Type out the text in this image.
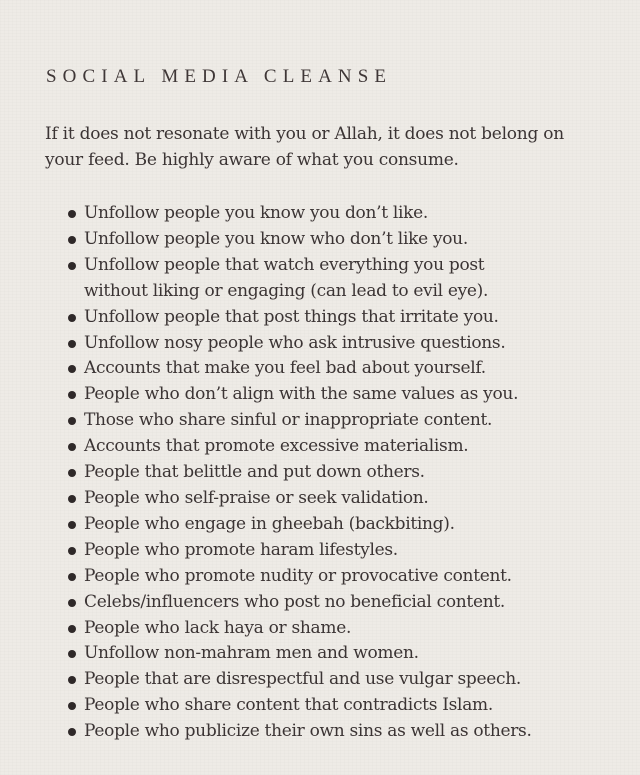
SOCIAL MEDIA CLEANSE

If it does not resonate with you or Allah, it does not belong on your feed. Be highly aware of what you consume.

Unfollow people you know you don’t like.
Unfollow people you know who don’t like you.
Unfollow people that watch everything you post
without liking or engaging (can lead to evil eye).
Unfollow people that post things that irritate you.
Unfollow nosy people who ask intrusive questions.
Accounts that make you feel bad about yourself.
People who don’t align with the same values as you.
Those who share sinful or inappropriate content.
Accounts that promote excessive materialism.
People that belittle and put down others.
People who self-praise or seek validation.
People who engage in gheebah (backbiting).
People who promote haram lifestyles.
People who promote nudity or provocative content.
Celebs/influencers who post no beneficial content.
People who lack haya or shame.
Unfollow non-mahram men and women.
People that are disrespectful and use vulgar speech.
People who share content that contradicts Islam.
People who publicize their own sins as well as others.
